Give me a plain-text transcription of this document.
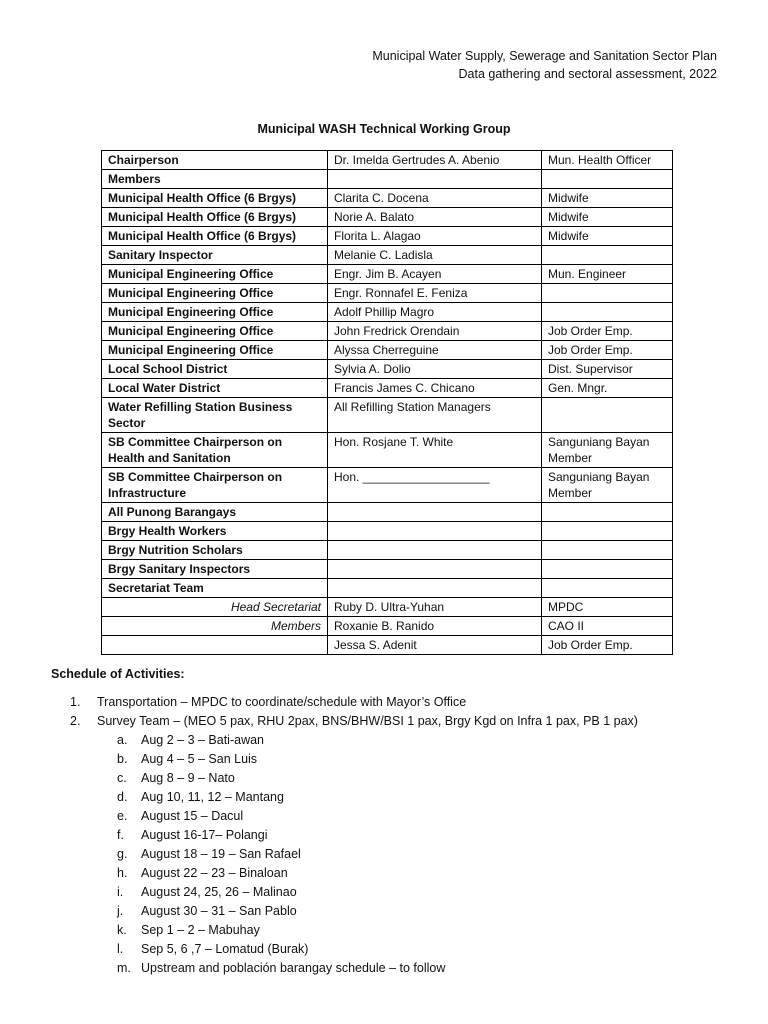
Municipal Water Supply, Sewerage and Sanitation Sector Plan
Data gathering and sectoral assessment, 2022
Municipal WASH Technical Working Group
Chairperson	Dr. Imelda Gertrudes A. Abenio	Mun. Health Officer
Members		
Municipal Health Office (6 Brgys)	Clarita C. Docena	Midwife
Municipal Health Office (6 Brgys)	Norie A. Balato	Midwife
Municipal Health Office (6 Brgys)	Florita L. Alagao	Midwife
Sanitary Inspector	Melanie C. Ladisla	
Municipal Engineering Office	Engr. Jim B. Acayen	Mun. Engineer
Municipal Engineering Office	Engr. Ronnafel E. Feniza	
Municipal Engineering Office	Adolf Phillip Magro	
Municipal Engineering Office	John Fredrick Orendain	Job Order Emp.
Municipal Engineering Office	Alyssa Cherreguine	Job Order Emp.
Local School District	Sylvia A. Dolio	Dist. Supervisor
Local Water District	Francis James C. Chicano	Gen. Mngr.
Water Refilling Station Business Sector	All Refilling Station Managers	
SB Committee Chairperson on Health and Sanitation	Hon. Rosjane T. White	Sanguniang Bayan Member
SB Committee Chairperson on Infrastructure	Hon. ___________________	Sanguniang Bayan Member
All Punong Barangays		
Brgy Health Workers		
Brgy Nutrition Scholars		
Brgy Sanitary Inspectors		
Secretariat Team		
Head Secretariat	Ruby D. Ultra-Yuhan	MPDC
Members	Roxanie B. Ranido	CAO II
	Jessa S. Adenit	Job Order Emp.
Schedule of Activities:
1.	Transportation – MPDC to coordinate/schedule with Mayor’s Office
2.	Survey Team – (MEO 5 pax, RHU 2pax, BNS/BHW/BSI 1 pax, Brgy Kgd on Infra 1 pax, PB 1 pax)
a.	Aug 2 – 3 – Bati-awan
b.	Aug 4 – 5 – San Luis
c.	Aug 8 – 9 – Nato
d.	Aug 10, 11, 12 – Mantang
e.	August 15 – Dacul
f.	August 16-17– Polangi
g.	August 18 – 19 – San Rafael
h.	August 22 – 23 – Binaloan
i.	August 24, 25, 26 – Malinao
j.	August 30 – 31 – San Pablo
k.	Sep 1 – 2 – Mabuhay
l.	Sep 5, 6 ,7 – Lomatud (Burak)
m. Upstream and población barangay schedule – to follow
